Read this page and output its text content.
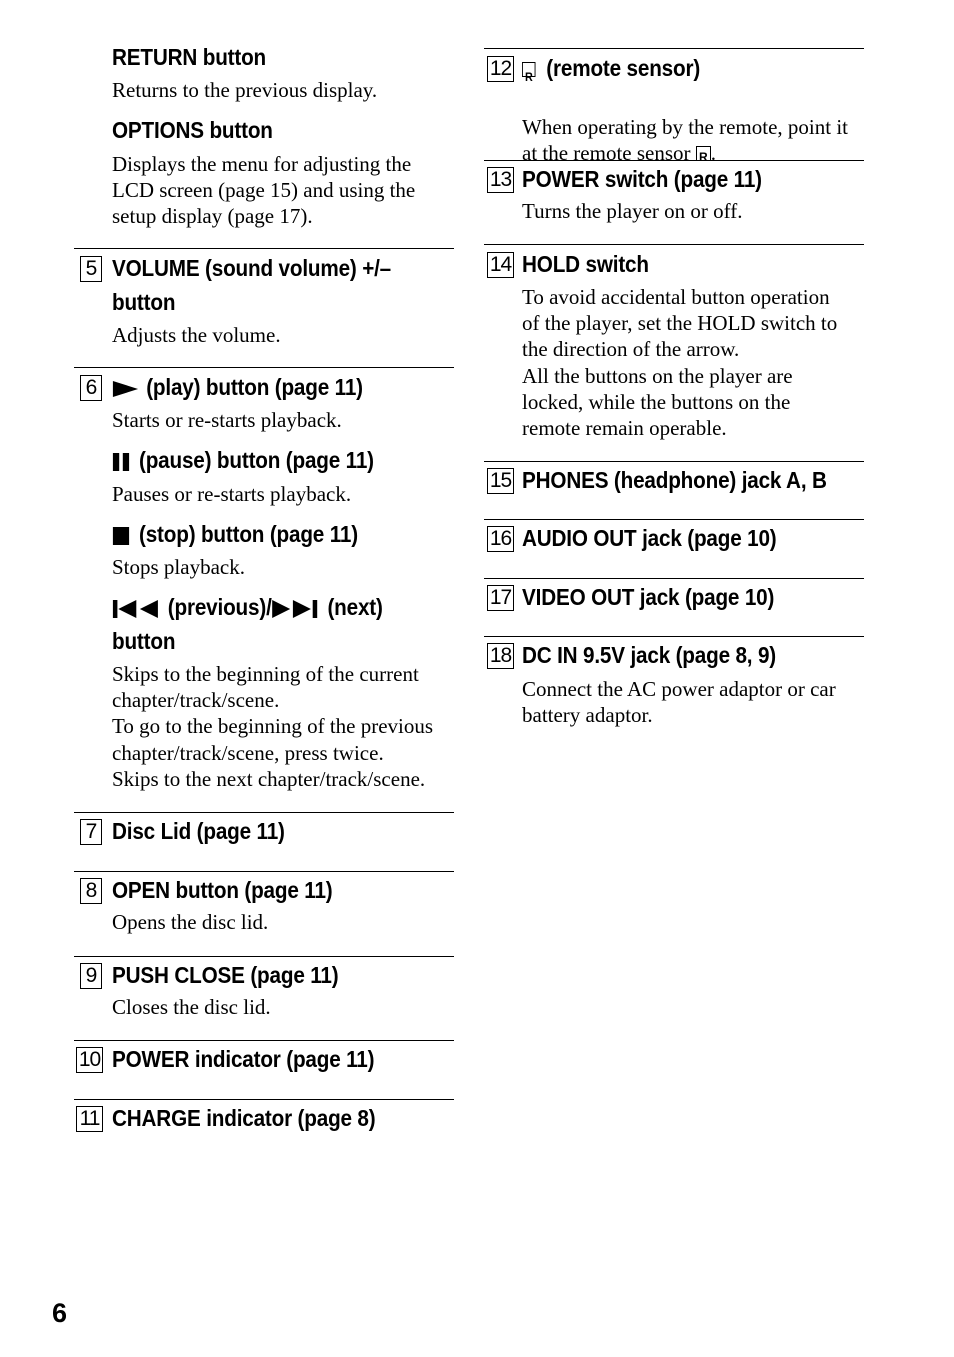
RETURN button
Returns to the previous display.
OPTIONS button
Displays the menu for adjusting the
LCD screen (page 15) and using the
setup display (page 17).
5 VOLUME (sound volume) +/–
button
Adjusts the volume.
6	(play) button (page 11)
Starts or re-starts playback.
(pause) button (page 11)
Pauses or re-starts playback.
(stop) button (page 11)
Stops playback.
(previous)/ (next)
button
Skips to the beginning of the current
chapter/track/scene.
To go to the beginning of the previous
chapter/track/scene, press twice.
Skips to the next chapter/track/scene.
7 Disc Lid (page 11)
8 OPEN button (page 11)
Opens the disc lid.
9 PUSH CLOSE (page 11)
Closes the disc lid.
10 POWER indicator (page 11)
11 CHARGE indicator (page 8)
12 R	(remote sensor)

When operating by the remote, point it
at the remote sensor R .

13 POWER switch (page 11)
Turns the player on or off.
14 HOLD switch
To avoid accidental button operation
of the player, set the HOLD switch to
the direction of the arrow.
All the buttons on the player are
locked, while the buttons on the
remote remain operable.
15 PHONES (headphone) jack A, B
16 AUDIO OUT jack (page 10)
17 VIDEO OUT jack (page 10)
18 DC IN 9.5V jack (page 8, 9)
Connect the AC power adaptor or car
battery adaptor.
6
